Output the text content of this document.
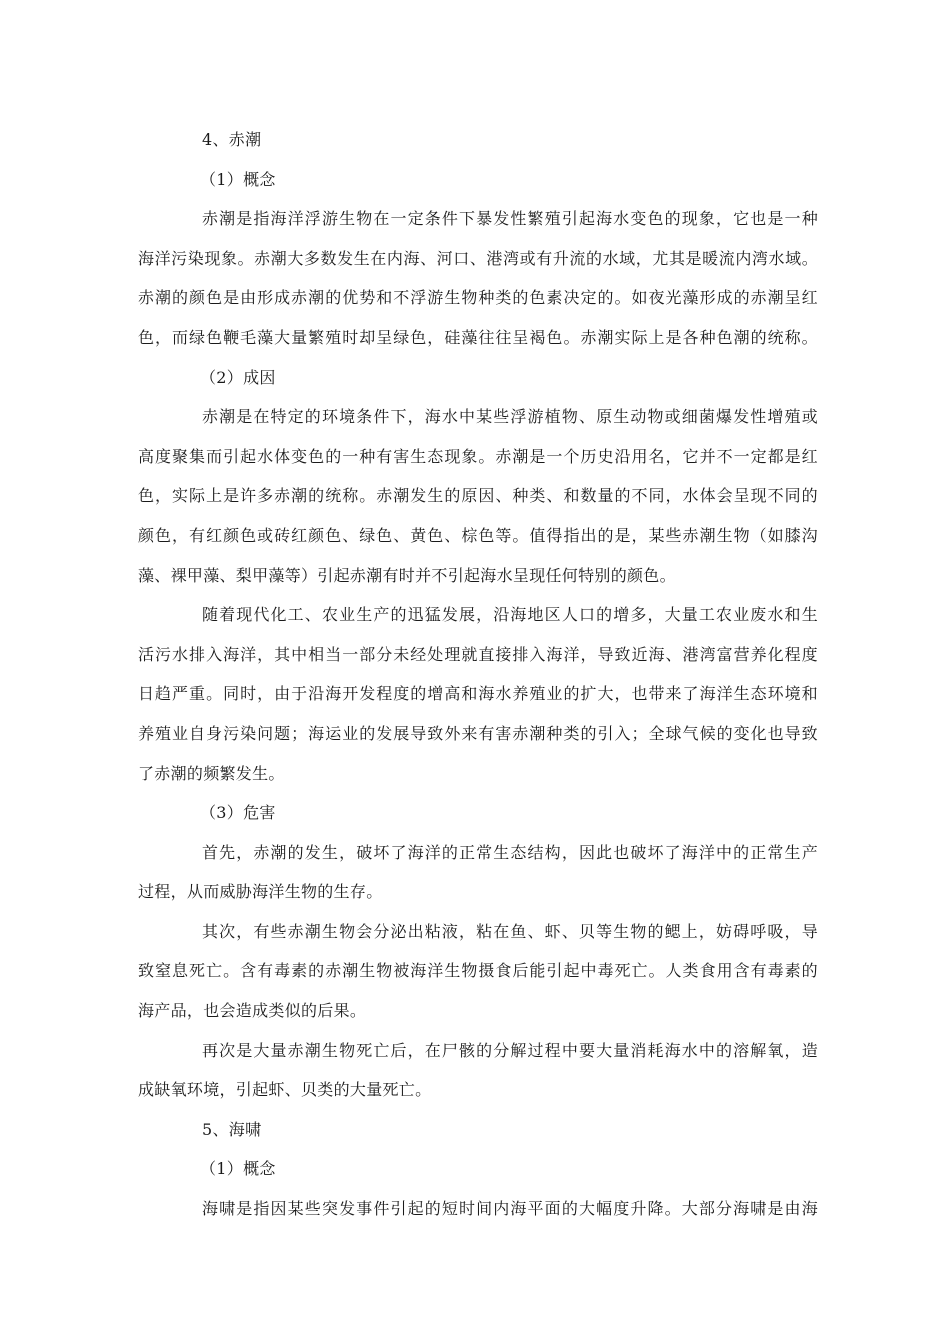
4、赤潮
（1）概念
赤潮是指海洋浮游生物在一定条件下暴发性繁殖引起海水变色的现象，它也是一种
海洋污染现象。赤潮大多数发生在内海、河口、港湾或有升流的水域，尤其是暖流内湾水域。
赤潮的颜色是由形成赤潮的优势和不浮游生物种类的色素决定的。如夜光藻形成的赤潮呈红
色，而绿色鞭毛藻大量繁殖时却呈绿色，硅藻往往呈褐色。赤潮实际上是各种色潮的统称。
（2）成因
赤潮是在特定的环境条件下，海水中某些浮游植物、原生动物或细菌爆发性增殖或
高度聚集而引起水体变色的一种有害生态现象。赤潮是一个历史沿用名，它并不一定都是红
色，实际上是许多赤潮的统称。赤潮发生的原因、种类、和数量的不同，水体会呈现不同的
颜色，有红颜色或砖红颜色、绿色、黄色、棕色等。值得指出的是，某些赤潮生物（如膝沟
藻、裸甲藻、梨甲藻等）引起赤潮有时并不引起海水呈现任何特别的颜色。
随着现代化工、农业生产的迅猛发展，沿海地区人口的增多，大量工农业废水和生
活污水排入海洋，其中相当一部分未经处理就直接排入海洋，导致近海、港湾富营养化程度
日趋严重。同时，由于沿海开发程度的增高和海水养殖业的扩大，也带来了海洋生态环境和
养殖业自身污染问题；海运业的发展导致外来有害赤潮种类的引入；全球气候的变化也导致
了赤潮的频繁发生。
（3）危害
首先，赤潮的发生，破坏了海洋的正常生态结构，因此也破坏了海洋中的正常生产
过程，从而威胁海洋生物的生存。
其次，有些赤潮生物会分泌出粘液，粘在鱼、虾、贝等生物的鳃上，妨碍呼吸，导
致窒息死亡。含有毒素的赤潮生物被海洋生物摄食后能引起中毒死亡。人类食用含有毒素的
海产品，也会造成类似的后果。
再次是大量赤潮生物死亡后，在尸骸的分解过程中要大量消耗海水中的溶解氧，造
成缺氧环境，引起虾、贝类的大量死亡。
5、海啸
（1）概念
海啸是指因某些突发事件引起的短时间内海平面的大幅度升降。大部分海啸是由海
